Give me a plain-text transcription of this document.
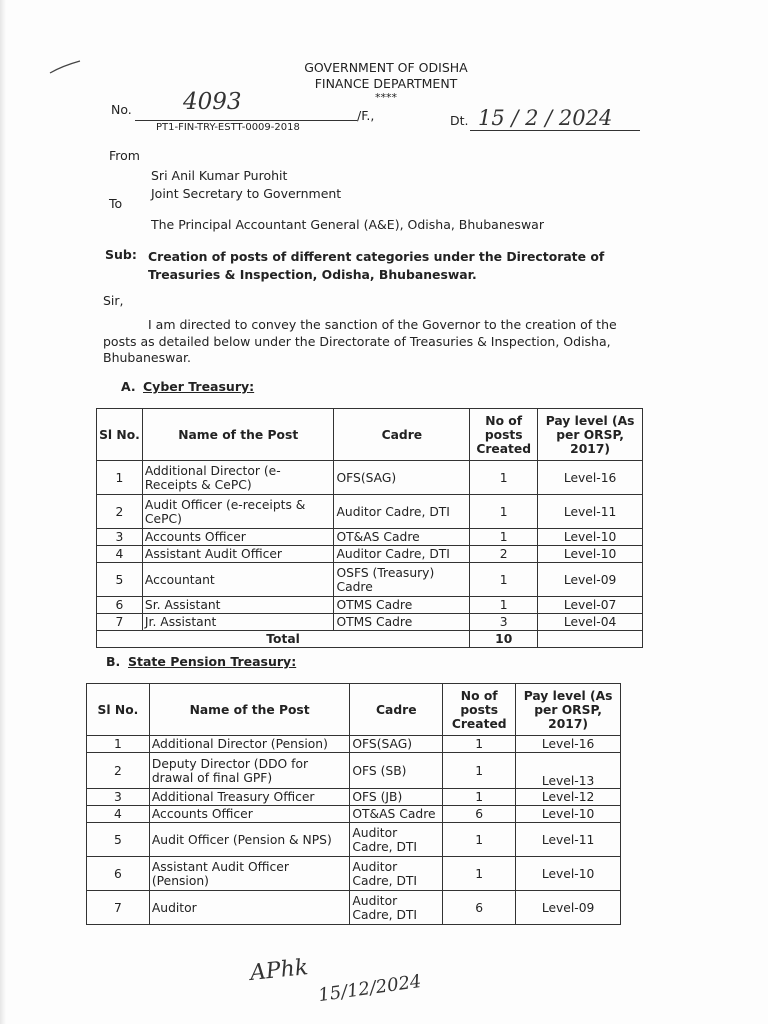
GOVERNMENT OF ODISHA
FINANCE DEPARTMENT
****
No. 4093
/F.,
PT1-FIN-TRY-ESTT-0009-2018	Dt. 15 / 2 / 2024
From
Sri Anil Kumar Purohit
Joint Secretary to Government
To
The Principal Accountant General (A&E), Odisha, Bhubaneswar
Sub: Creation of posts of different categories under the Directorate of
Treasuries & Inspection, Odisha, Bhubaneswar.
Sir,
I am directed to convey the sanction of the Governor to the creation of the
posts as detailed below under the Directorate of Treasuries & Inspection, Odisha,
Bhubaneswar.
A. Cyber Treasury:
Sl No.	Name of the Post	Cadre	No of posts Created	Pay level (As per ORSP, 2017)
1	Additional Director (e-Receipts & CePC)	OFS(SAG)	1	Level-16
2	Audit Officer (e-receipts & CePC)	Auditor Cadre, DTI	1	Level-11
3	Accounts Officer	OT&AS Cadre	1	Level-10
4	Assistant Audit Officer	Auditor Cadre, DTI	2	Level-10
5	Accountant	OSFS (Treasury) Cadre	1	Level-09
6	Sr. Assistant	OTMS Cadre	1	Level-07
7	Jr. Assistant	OTMS Cadre	3	Level-04
Total			10	
B. State Pension Treasury:
Sl No.	Name of the Post	Cadre	No of posts Created	Pay level (As per ORSP, 2017)
1	Additional Director (Pension)	OFS(SAG)	1	Level-16
2	Deputy Director (DDO for drawal of final GPF)	OFS (SB)	1	Level-13
3	Additional Treasury Officer	OFS (JB)	1	Level-12
4	Accounts Officer	OT&AS Cadre	6	Level-10
5	Audit Officer (Pension & NPS)	Auditor Cadre, DTI	1	Level-11
6	Assistant Audit Officer (Pension)	Auditor Cadre, DTI	1	Level-10
7	Auditor	Auditor Cadre, DTI	6	Level-09
APhk
15/12/2024
